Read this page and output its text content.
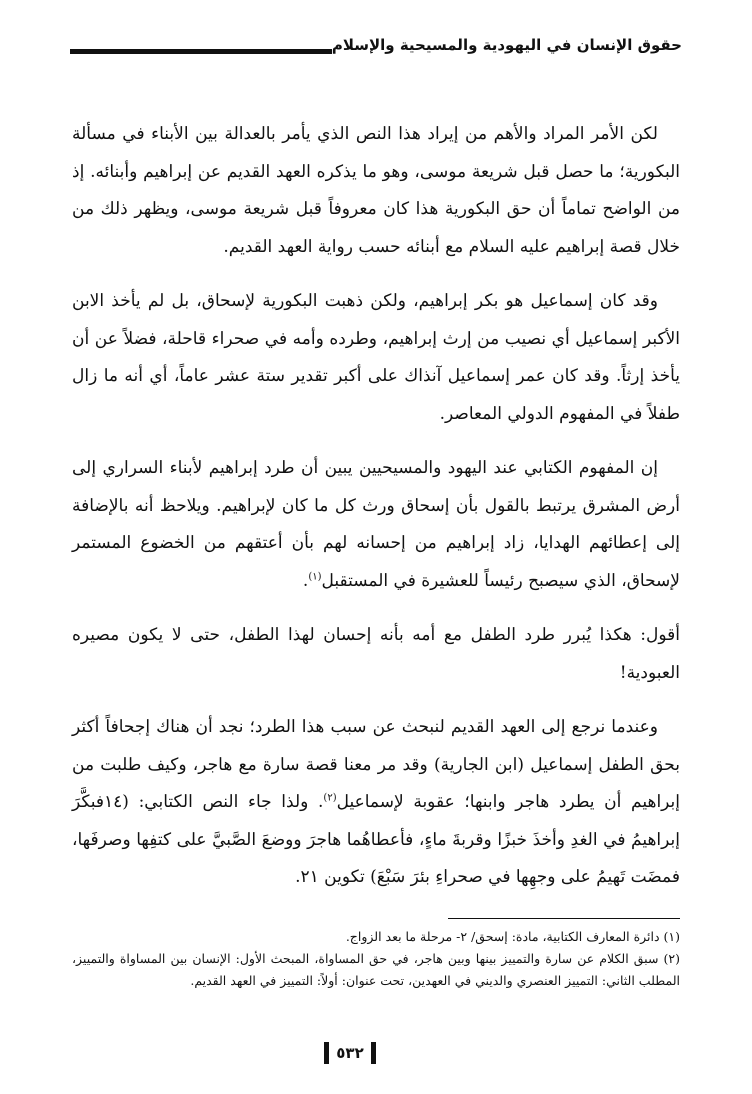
حقوق الإنسان في اليهودية والمسيحية والإسلام

لكن الأمر المراد والأهم من إيراد هذا النص الذي يأمر بالعدالة بين الأبناء في مسألة البكورية؛ ما حصل قبل شريعة موسى، وهو ما يذكره العهد القديم عن إبراهيم وأبنائه. إذ من الواضح تماماً أن حق البكورية هذا كان معروفاً قبل شريعة موسى، ويظهر ذلك من خلال قصة إبراهيم عليه السلام مع أبنائه حسب رواية العهد القديم.

وقد كان إسماعيل هو بكر إبراهيم، ولكن ذهبت البكورية لإسحاق، بل لم يأخذ الابن الأكبر إسماعيل أي نصيب من إرث إبراهيم، وطرده وأمه في صحراء قاحلة، فضلاً عن أن يأخذ إرثاً. وقد كان عمر إسماعيل آنذاك على أكبر تقدير ستة عشر عاماً، أي أنه ما زال طفلاً في المفهوم الدولي المعاصر.

إن المفهوم الكتابي عند اليهود والمسيحيين يبين أن طرد إبراهيم لأبناء السراري إلى أرض المشرق يرتبط بالقول بأن إسحاق ورث كل ما كان لإبراهيم. ويلاحظ أنه بالإضافة إلى إعطائهم الهدايا، زاد إبراهيم من إحسانه لهم بأن أعتقهم من الخضوع المستمر لإسحاق، الذي سيصبح رئيساً للعشيرة في المستقبل$^{(١)}$.

أقول: هكذا يُبرر طرد الطفل مع أمه بأنه إحسان لهذا الطفل، حتى لا يكون مصيره العبودية!

وعندما نرجع إلى العهد القديم لنبحث عن سبب هذا الطرد؛ نجد أن هناك إجحافاً أكثر بحق الطفل إسماعيل (ابن الجارية) وقد مر معنا قصة سارة مع هاجر، وكيف طلبت من إبراهيم أن يطرد هاجر وابنها؛ عقوبة لإسماعيل$^{(٢)}$. ولذا جاء النص الكتابي: (١٤فبكَّرَ إبراهيمُ في الغدِ وأخذَ خبزًا وقربةَ ماءٍ، فأعطاهُما هاجرَ ووضعَ الصَّبيَّ على كتفِها وصرفَها، فمضَت تَهيمُ على وجهِها في صحراءِ بئرَ سَبْعَ) تكوين ٢١.

(١) دائرة المعارف الكتابية، مادة: إسحق/ ٢- مرحلة ما بعد الزواج.

(٢) سبق الكلام عن سارة والتمييز بينها وبين هاجر، في حق المساواة، المبحث الأول: الإنسان بين المساواة والتمييز، المطلب الثاني: التمييز العنصري والديني في العهدين، تحت عنوان: أولاً: التمييز في العهد القديم.

٥٣٢
